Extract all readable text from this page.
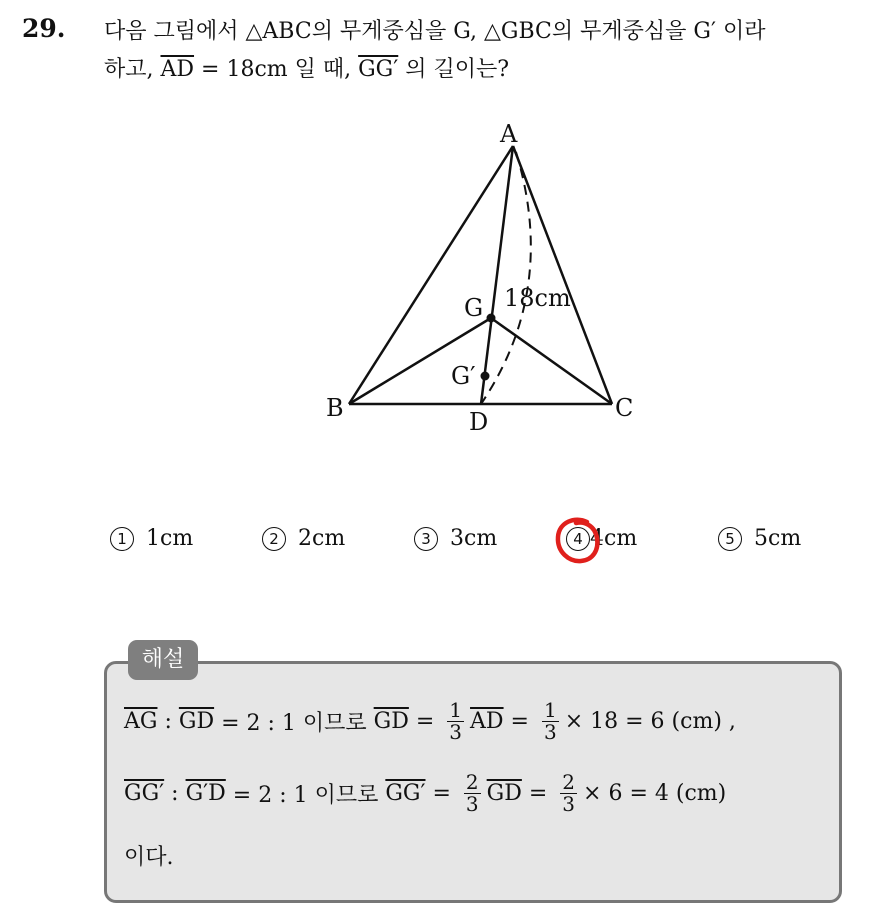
29. 다음 그림에서 △ABC의 무게중심을 G, △GBC의 무게중심을 G′ 이라
하고, $\overline{AD} = 18cm$ 일 때, GG′ 의 길이는?
A
B	C
D
G
G′
18cm
1 1cm	2 2cm	3 3cm	4 4cm	5 5cm
해설
$\overline{AG}$ : $\overline{GD} = 2$ : 1 이므로 $\overline{GD} = \frac{1}{3} \overline{AD} = \frac{1}{3} \times 18 = 6$ (cm) ,
GG′ : G′D = 2 : 1 이므로 $GG' = \frac{2}{3} \overline{GD} = \frac{2}{3} \times 6 = 4$ (cm)
이다.
